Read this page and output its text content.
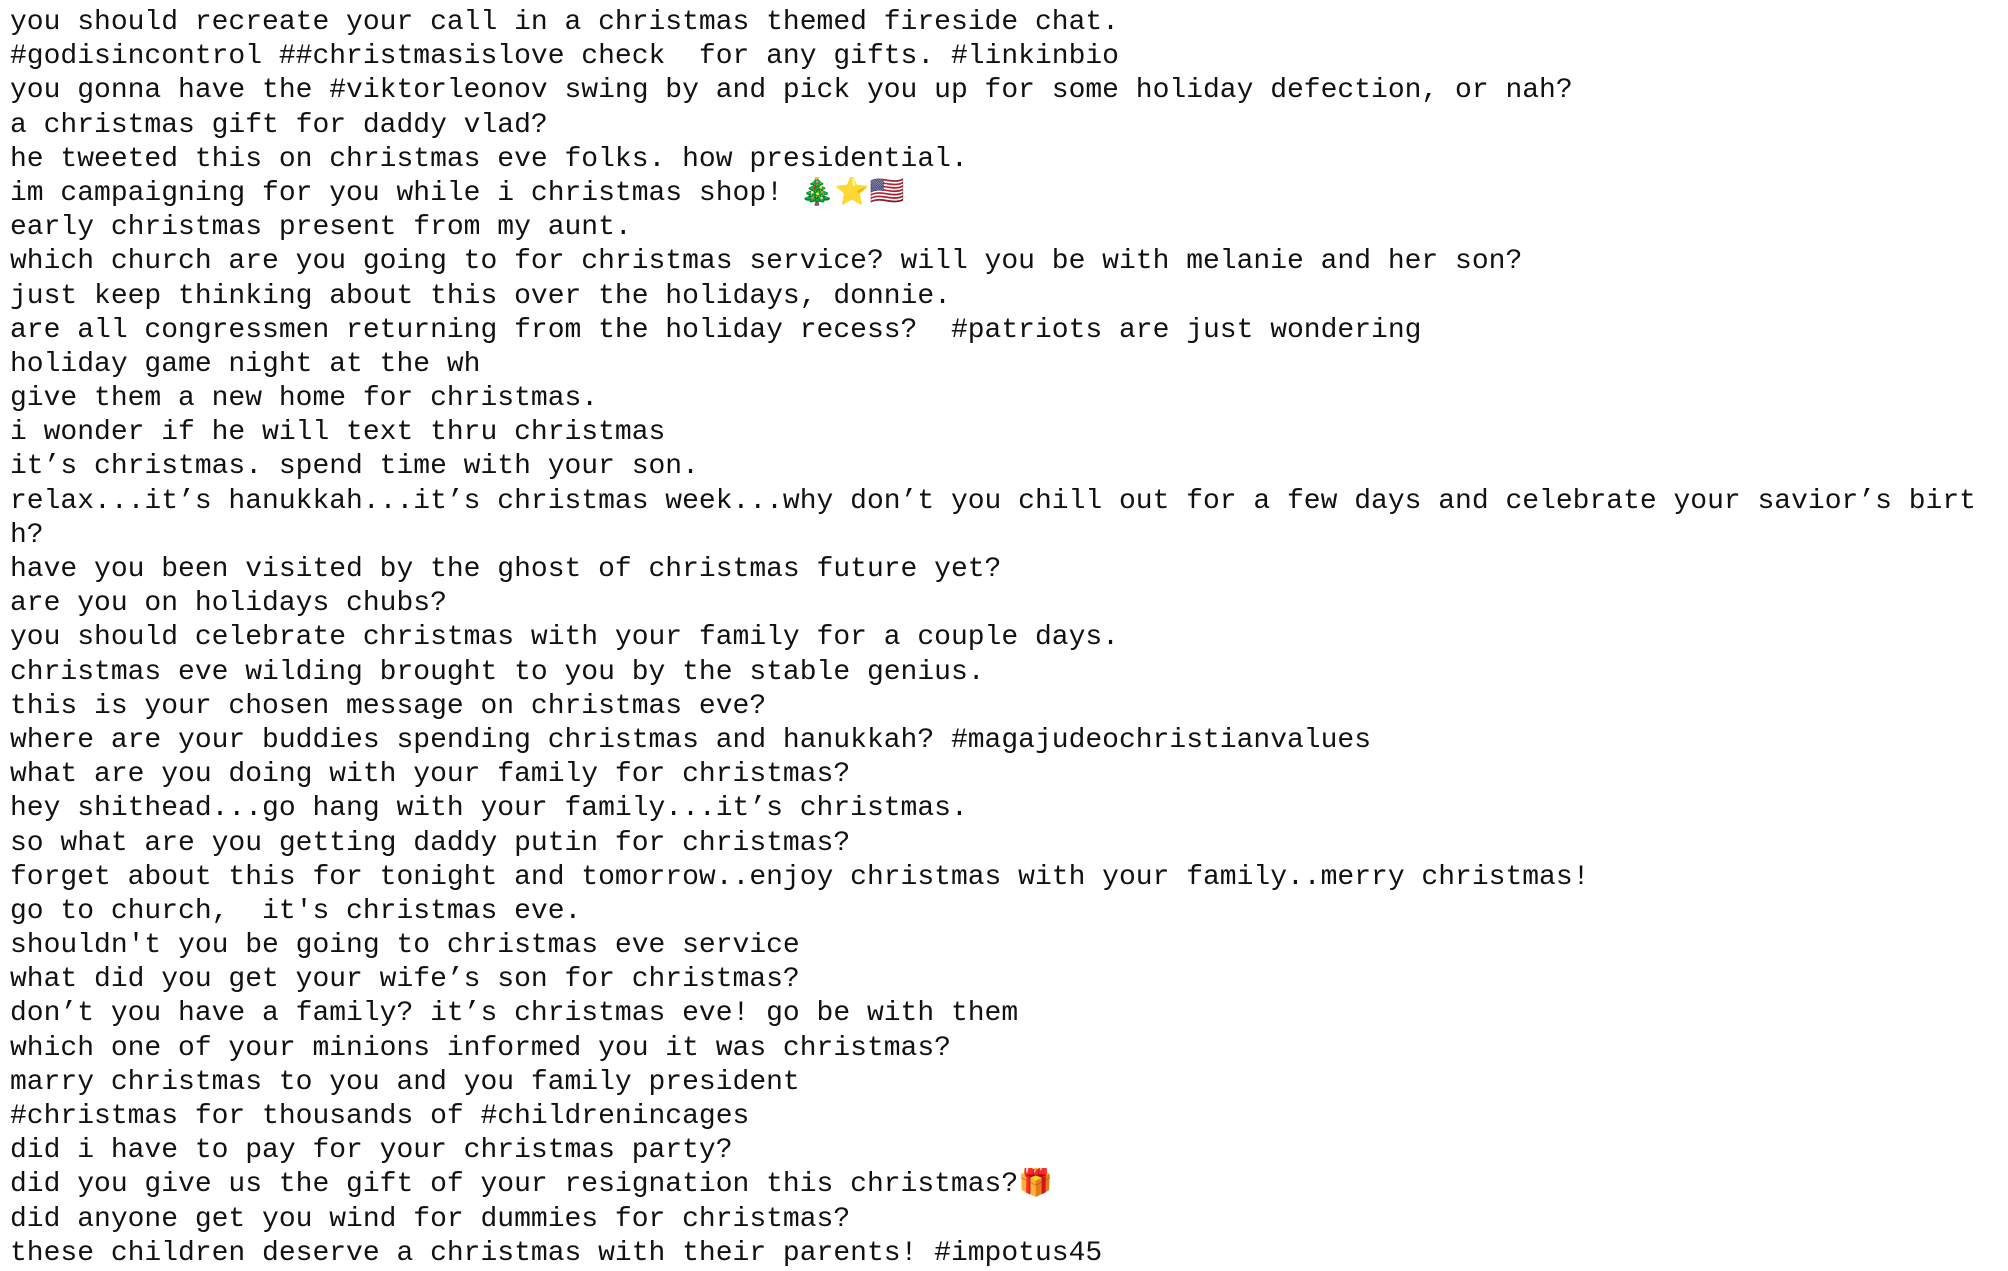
you should recreate your call in a christmas themed fireside chat.
#godisincontrol ##christmasislove check  for any gifts. #linkinbio
you gonna have the #viktorleonov swing by and pick you up for some holiday defection, or nah?
a christmas gift for daddy vlad?
he tweeted this on christmas eve folks. how presidential.
im campaigning for you while i christmas shop! 🎄⭐🇺🇸
early christmas present from my aunt.
which church are you going to for christmas service? will you be with melanie and her son?
just keep thinking about this over the holidays, donnie.
are all congressmen returning from the holiday recess?  #patriots are just wondering
holiday game night at the wh
give them a new home for christmas.
i wonder if he will text thru christmas
it’s christmas. spend time with your son.
relax...it’s hanukkah...it’s christmas week...why don’t you chill out for a few days and celebrate your savior’s birt
h?
have you been visited by the ghost of christmas future yet?
are you on holidays chubs?
you should celebrate christmas with your family for a couple days.
christmas eve wilding brought to you by the stable genius.
this is your chosen message on christmas eve?
where are your buddies spending christmas and hanukkah? #magajudeochristianvalues
what are you doing with your family for christmas?
hey shithead...go hang with your family...it’s christmas.
so what are you getting daddy putin for christmas?
forget about this for tonight and tomorrow..enjoy christmas with your family..merry christmas!
go to church,  it's christmas eve.
shouldn't you be going to christmas eve service
what did you get your wife’s son for christmas?
don’t you have a family? it’s christmas eve! go be with them
which one of your minions informed you it was christmas?
marry christmas to you and you family president
#christmas for thousands of #childrenincages
did i have to pay for your christmas party?
did you give us the gift of your resignation this christmas?🎁
did anyone get you wind for dummies for christmas?
these children deserve a christmas with their parents! #impotus45
